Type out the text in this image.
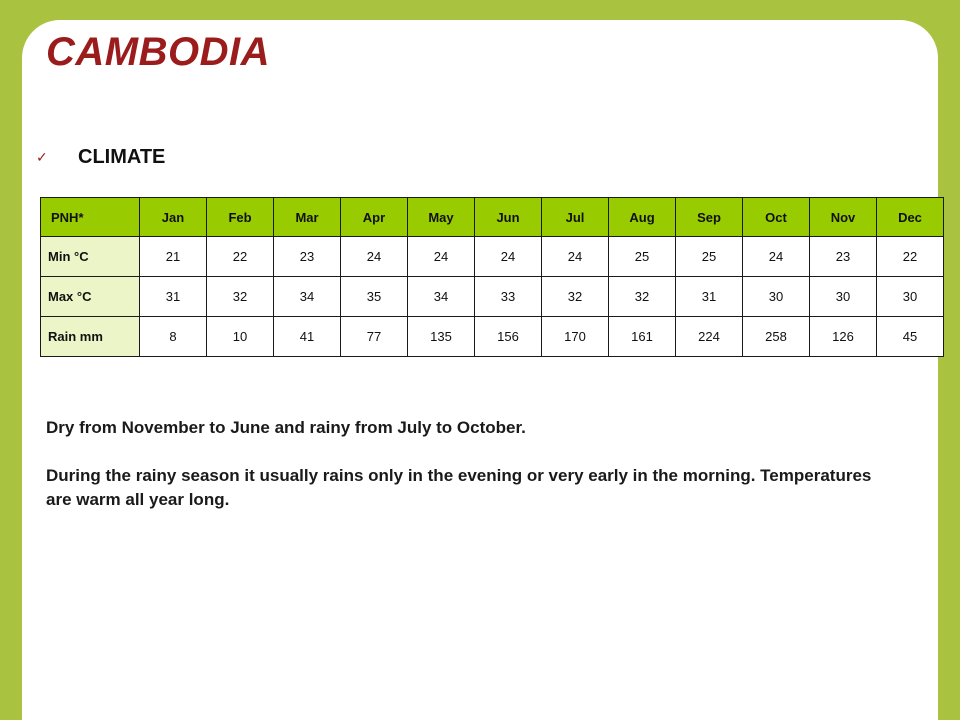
CAMBODIA
✓	CLIMATE
PNH*	Jan	Feb	Mar	Apr	May	Jun	Jul	Aug	Sep	Oct	Nov	Dec
Min °C	21	22	23	24	24	24	24	25	25	24	23	22
Max °C	31	32	34	35	34	33	32	32	31	30	30	30
Rain mm	8	10	41	77	135	156	170	161	224	258	126	45

Dry from November to June and rainy from July to October.

During the rainy season it usually rains only in the evening or very early in the morning. Temperatures are warm all year long.
